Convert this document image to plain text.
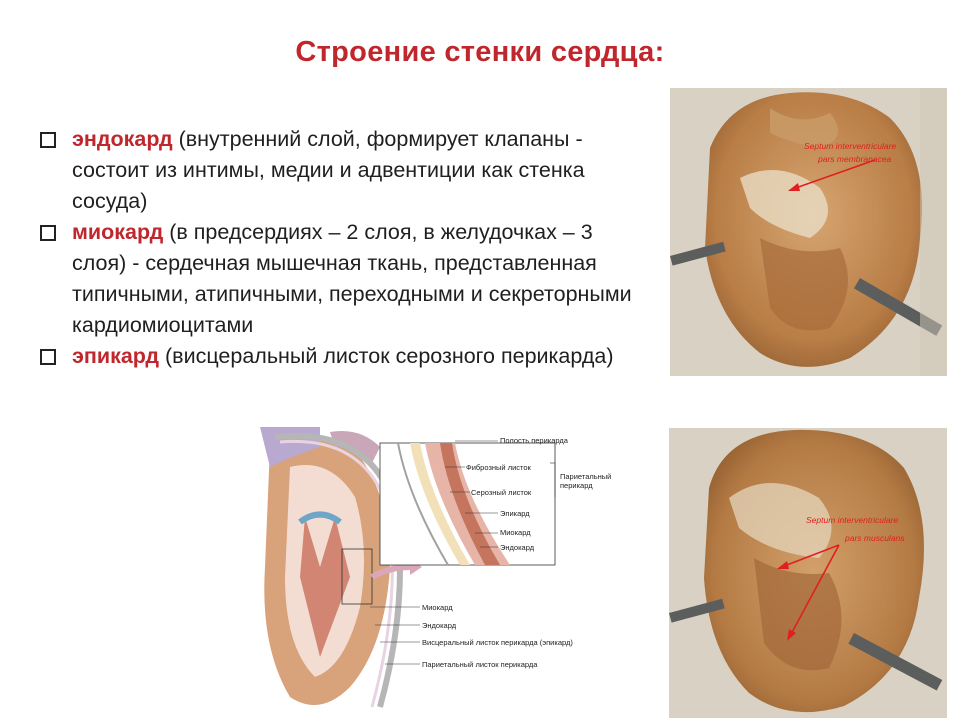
Строение стенки сердца:
эндокард (внутренний слой, формирует клапаны - состоит из интимы, медии и адвентиции как стенка сосуда)
миокард (в предсердиях – 2 слоя, в желудочках – 3 слоя) - сердечная мышечная ткань, представленная типичными, атипичными, переходными и секреторными кардиомиоцитами
эпикард (висцеральный листок серозного перикарда)
Septum interventriculare
pars membranacea
Septum interventriculare
pars musculans
Полость перикарда
Фиброзный листок
Серозный листок
Париетальный перикард
Эпикард
Миокард
Эндокард
Миокард
Эндокард
Висцеральный листок перикарда (эпикард)
Париетальный листок перикарда
